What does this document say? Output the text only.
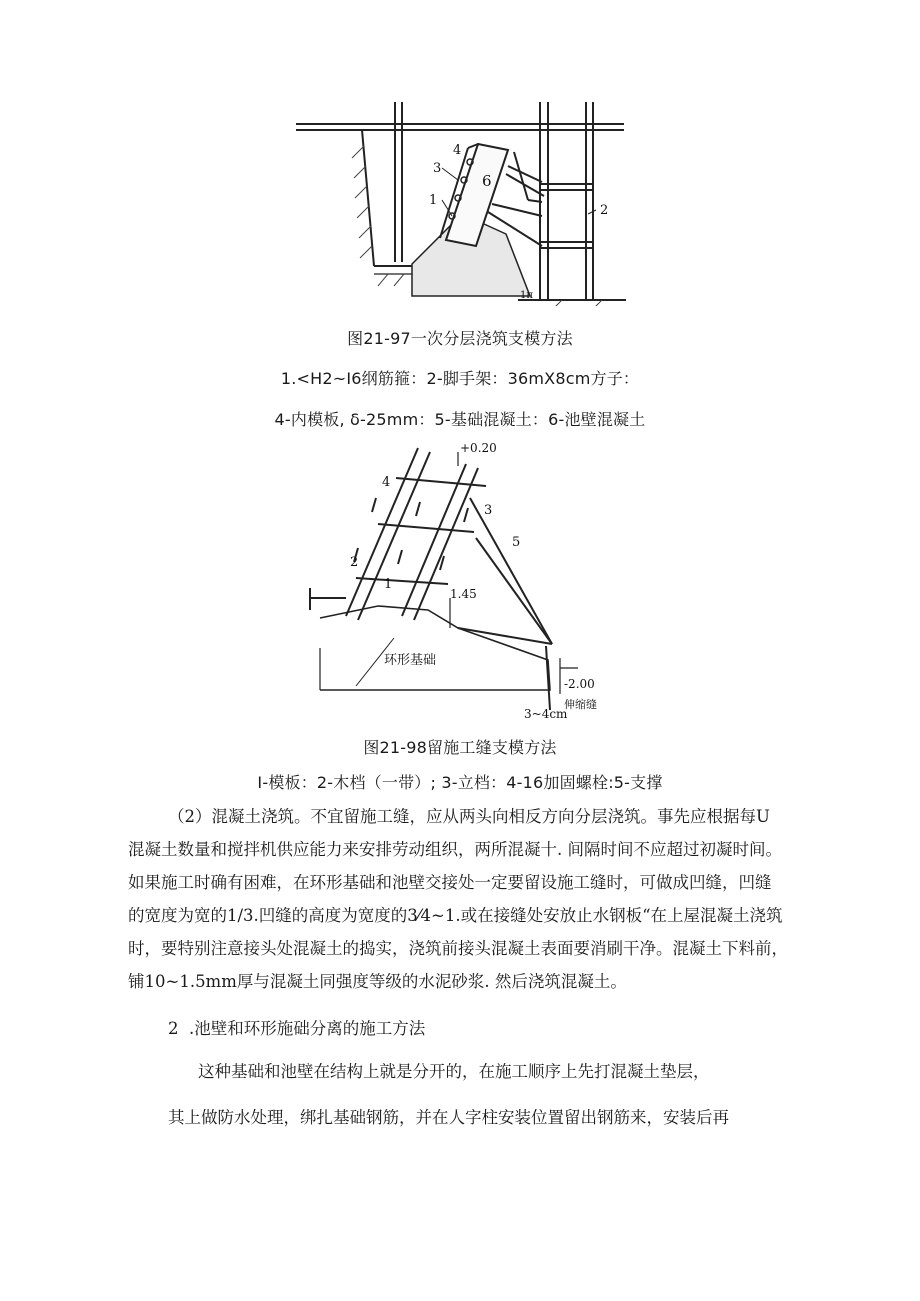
4
3
1
6
2
1π
图21-97一次分层浇筑支模方法
1.<H2~I6纲筋箍：2-脚手架：36mX8cm方子：
4-内模板, δ-25mm：5-基础混凝土：6-池壁混凝土
+0.20
4
3
5
2
1
1.45
环形基础
-2.00
3~4cm
伸缩缝
图21-98留施工缝支模方法
I-模板：2-木档（一带）; 3-立档：4-16加固螺栓:5-支撑
（2）混凝土浇筑。不宜留施工缝，应从两头向相反方向分层浇筑。事先应根据每U
混凝土数量和搅拌机供应能力来安排劳动组织，两所混凝十. 间隔时间不应超过初凝时间。
如果施工时确有困难，在环形基础和池壁交接处一定要留设施工缝时，可做成凹缝，凹缝
的宽度为宽的1/3.凹缝的高度为宽度的3⁄4~1.或在接缝处安放止水钢板“在上屋混凝土浇筑
时，要特别注意接头处混凝土的捣实，浇筑前接头混凝土表面要消刷干净。混凝土下料前，
铺10~1.5mm厚与混凝土同强度等级的水泥砂浆. 然后浇筑混凝土。
2  .池壁和环形施础分离的施工方法
这种基础和池壁在结构上就是分开的，在施工顺序上先打混凝土垫层，
其上做防水处理，绑扎基础钢筋，并在人字柱安装位置留出钢筋来，安装后再
